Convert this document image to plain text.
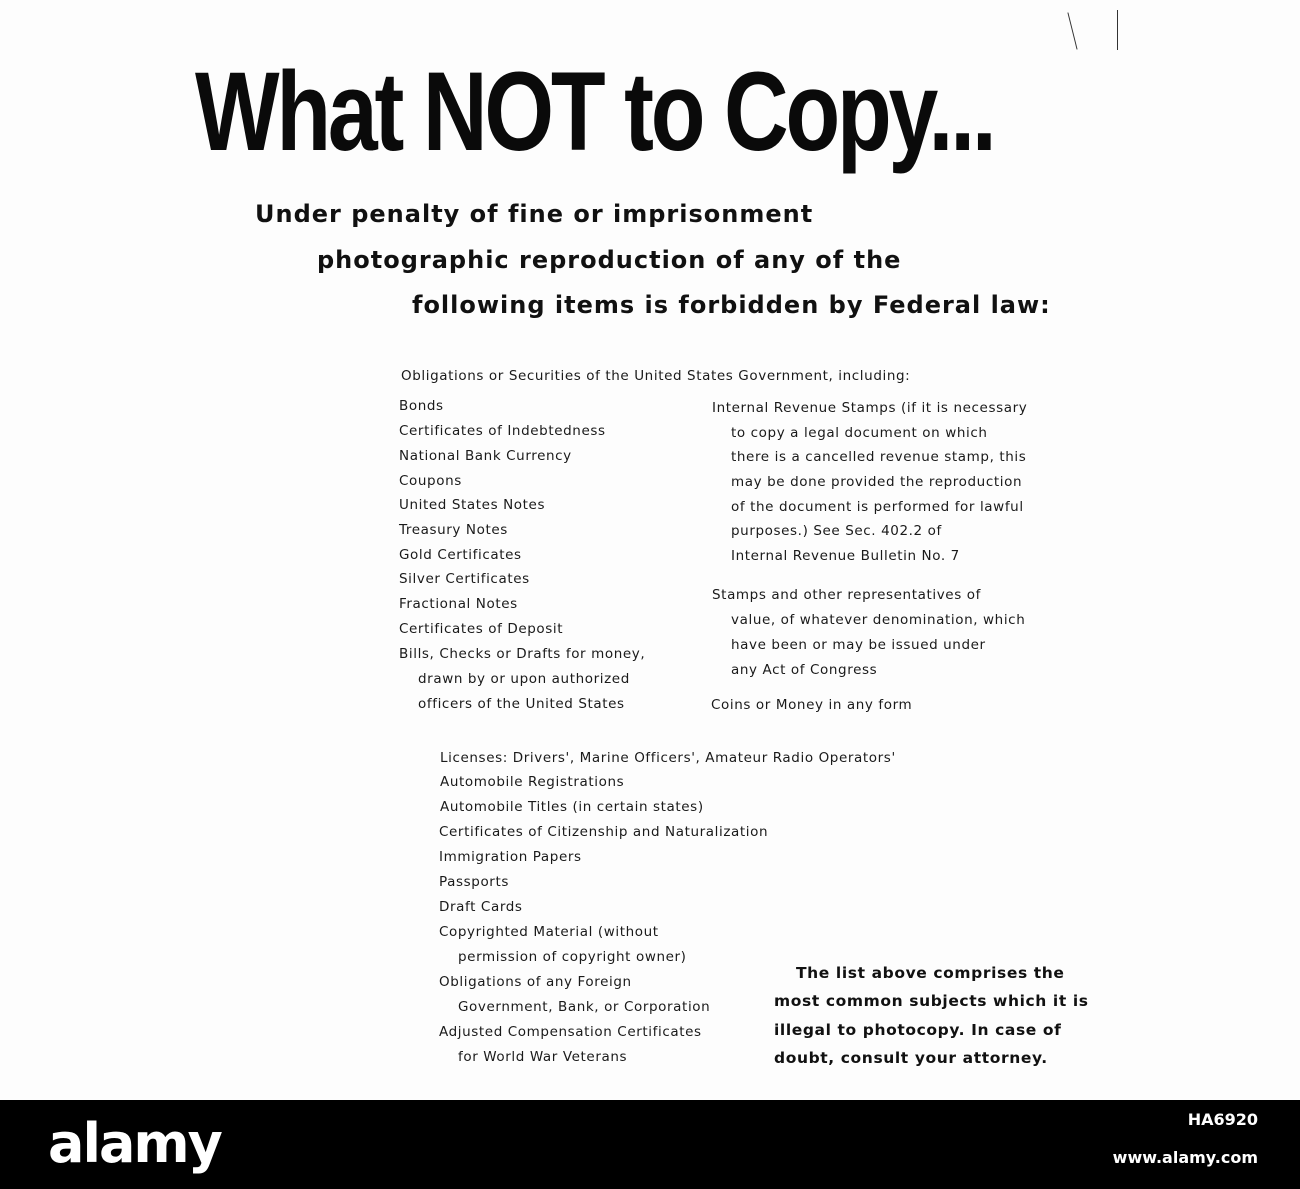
What NOT to Copy...
Under penalty of fine or imprisonment
photographic reproduction of any of the
following items is forbidden by Federal law:
Obligations or Securities of the United States Government, including:
Bonds
Certificates of Indebtedness
National Bank Currency
Coupons
United States Notes
Treasury Notes
Gold Certificates
Silver Certificates
Fractional Notes
Certificates of Deposit
Bills, Checks or Drafts for money,
drawn by or upon authorized
officers of the United States
Internal Revenue Stamps (if it is necessary
to copy a legal document on which
there is a cancelled revenue stamp, this
may be done provided the reproduction
of the document is performed for lawful
purposes.) See Sec. 402.2 of
Internal Revenue Bulletin No. 7
Stamps and other representatives of
value, of whatever denomination, which
have been or may be issued under
any Act of Congress
Coins or Money in any form
Licenses: Drivers', Marine Officers', Amateur Radio Operators'
Automobile Registrations
Automobile Titles (in certain states)
Certificates of Citizenship and Naturalization
Immigration Papers
Passports
Draft Cards
Copyrighted Material (without
permission of copyright owner)
Obligations of any Foreign
Government, Bank, or Corporation
Adjusted Compensation Certificates
for World War Veterans
The list above comprises the
most common subjects which it is
illegal to photocopy. In case of
doubt, consult your attorney.
alamy	HA6920
www.alamy.com
